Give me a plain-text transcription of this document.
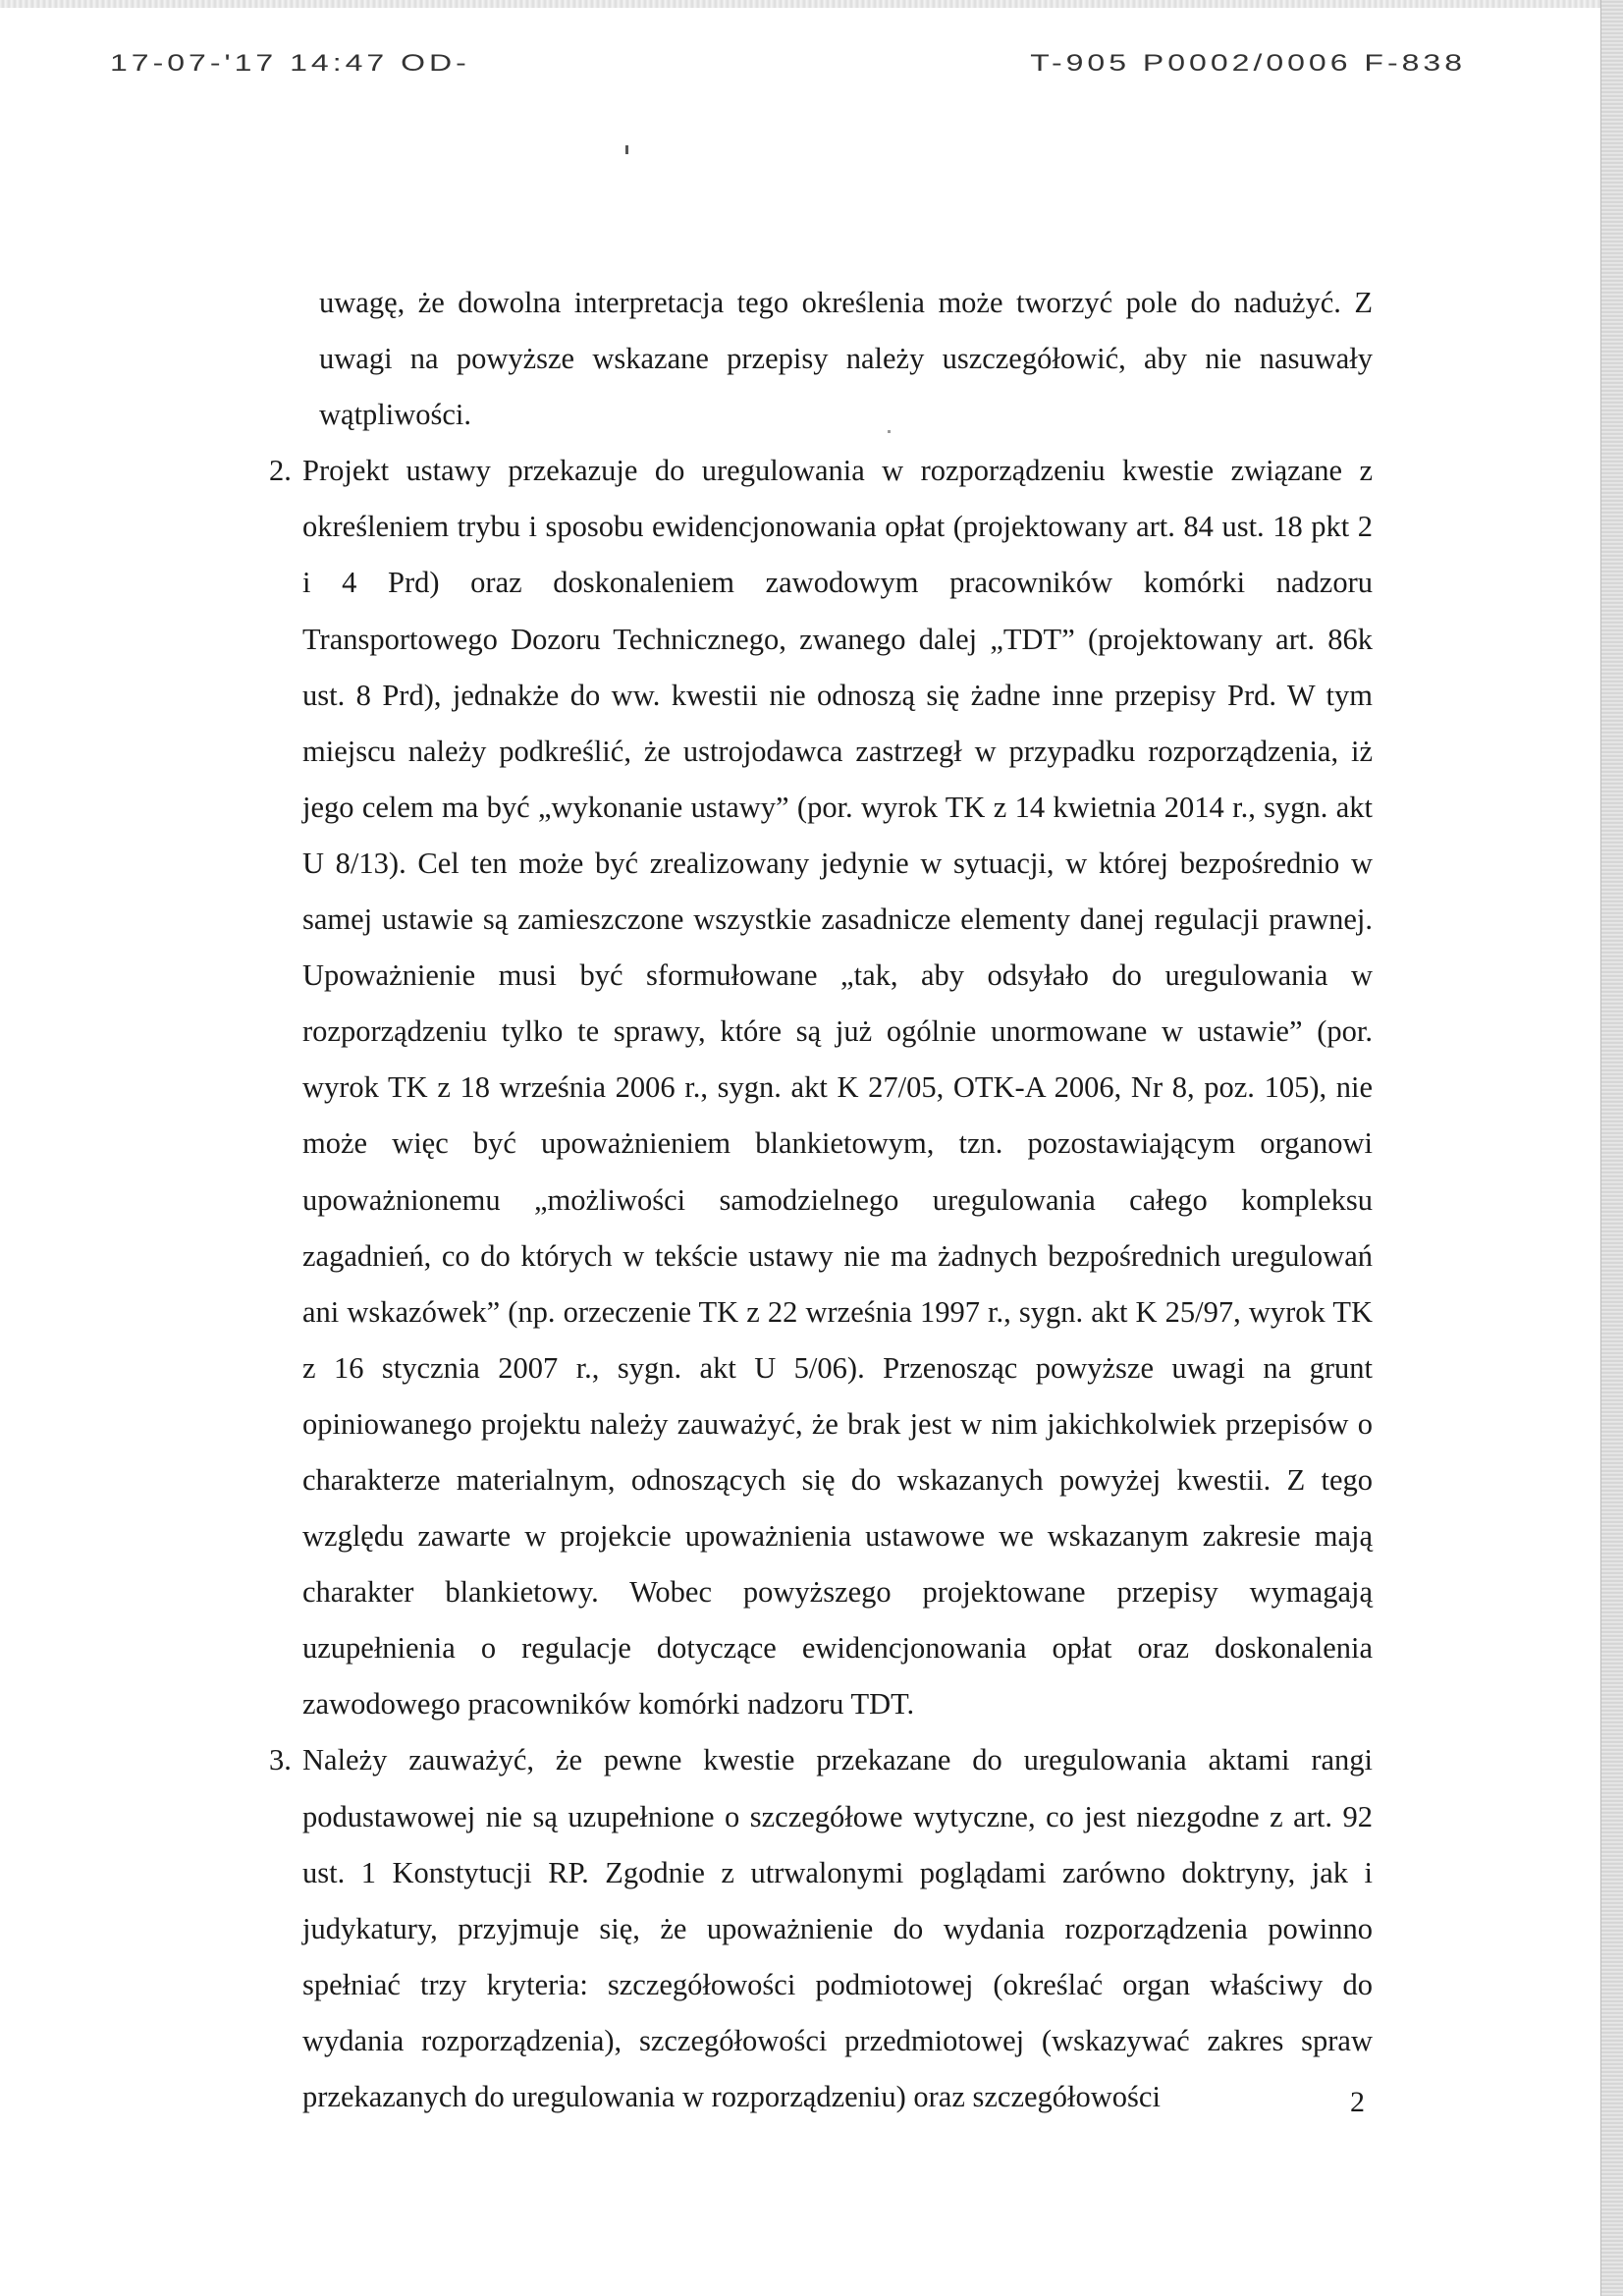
17-07-'17 14:47 OD-	T-905 P0002/0006 F-838

uwagę, że dowolna interpretacja tego określenia może tworzyć pole do nadużyć. Z uwagi na powyższe wskazane przepisy należy uszczegółowić, aby nie nasuwały wątpliwości.

2. Projekt ustawy przekazuje do uregulowania w rozporządzeniu kwestie związane z określeniem trybu i sposobu ewidencjonowania opłat (projektowany art. 84 ust. 18 pkt 2 i 4 Prd) oraz doskonaleniem zawodowym pracowników komórki nadzoru Transportowego Dozoru Technicznego, zwanego dalej „TDT” (projektowany art. 86k ust. 8 Prd), jednakże do ww. kwestii nie odnoszą się żadne inne przepisy Prd. W tym miejscu należy podkreślić, że ustrojodawca zastrzegł w przypadku rozporządzenia, iż jego celem ma być „wykonanie ustawy” (por. wyrok TK z 14 kwietnia 2014 r., sygn. akt U 8/13). Cel ten może być zrealizowany jedynie w sytuacji, w której bezpośrednio w samej ustawie są zamieszczone wszystkie zasadnicze elementy danej regulacji prawnej. Upoważnienie musi być sformułowane „tak, aby odsyłało do uregulowania w rozporządzeniu tylko te sprawy, które są już ogólnie unormowane w ustawie” (por. wyrok TK z 18 września 2006 r., sygn. akt K 27/05, OTK-A 2006, Nr 8, poz. 105), nie może więc być upoważnieniem blankietowym, tzn. pozostawiającym organowi upoważnionemu „możliwości samodzielnego uregulowania całego kompleksu zagadnień, co do których w tekście ustawy nie ma żadnych bezpośrednich uregulowań ani wskazówek” (np. orzeczenie TK z 22 września 1997 r., sygn. akt K 25/97, wyrok TK z 16 stycznia 2007 r., sygn. akt U 5/06). Przenosząc powyższe uwagi na grunt opiniowanego projektu należy zauważyć, że brak jest w nim jakichkolwiek przepisów o charakterze materialnym, odnoszących się do wskazanych powyżej kwestii. Z tego względu zawarte w projekcie upoważnienia ustawowe we wskazanym zakresie mają charakter blankietowy. Wobec powyższego projektowane przepisy wymagają uzupełnienia o regulacje dotyczące ewidencjonowania opłat oraz doskonalenia zawodowego pracowników komórki nadzoru TDT.

3. Należy zauważyć, że pewne kwestie przekazane do uregulowania aktami rangi podustawowej nie są uzupełnione o szczegółowe wytyczne, co jest niezgodne z art. 92 ust. 1 Konstytucji RP. Zgodnie z utrwalonymi poglądami zarówno doktryny, jak i judykatury, przyjmuje się, że upoważnienie do wydania rozporządzenia powinno spełniać trzy kryteria: szczegółowości podmiotowej (określać organ właściwy do wydania rozporządzenia), szczegółowości przedmiotowej (wskazywać zakres spraw przekazanych do uregulowania w rozporządzeniu) oraz szczegółowości	2
